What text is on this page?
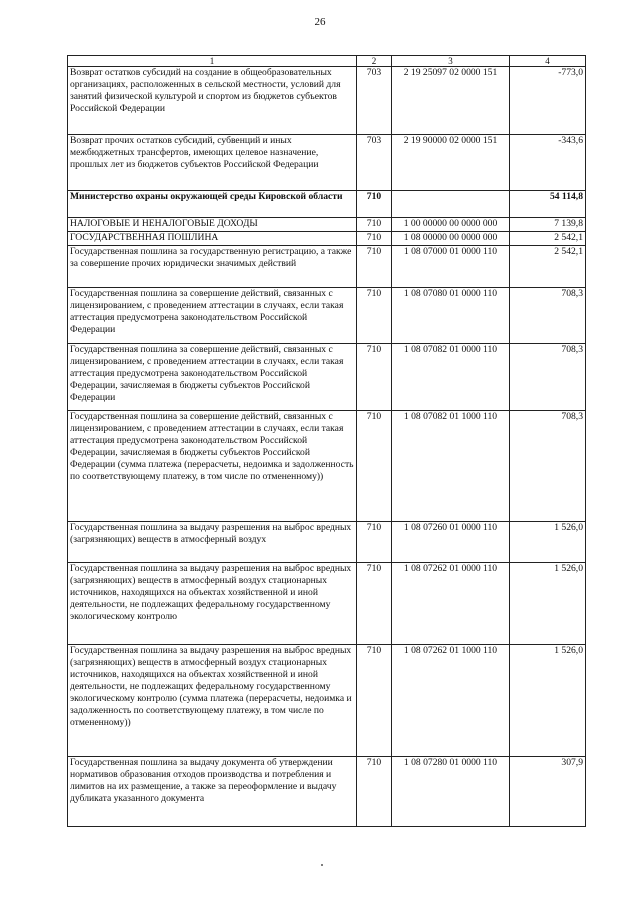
26
1	2	3	4
Возврат остатков субсидий на создание в общеобразовательных организациях, расположенных в сельской местности, условий для занятий физической культурой и спортом из бюджетов субъектов Российской Федерации	703	2 19 25097 02 0000 151	-773,0
Возврат прочих остатков субсидий, субвенций и иных межбюджетных трансфертов, имеющих целевое назначение, прошлых лет из бюджетов субъектов Российской Федерации	703	2 19 90000 02 0000 151	-343,6
Министерство охраны окружающей среды Кировской области	710		54 114,8
НАЛОГОВЫЕ И НЕНАЛОГОВЫЕ ДОХОДЫ	710	1 00 00000 00 0000 000	7 139,8
ГОСУДАРСТВЕННАЯ ПОШЛИНА	710	1 08 00000 00 0000 000	2 542,1
Государственная пошлина за государственную регистрацию, а также за совершение прочих юридически значимых действий	710	1 08 07000 01 0000 110	2 542,1
Государственная пошлина за совершение действий, связанных с лицензированием, с проведением аттестации в случаях, если такая аттестация предусмотрена законодательством Российской Федерации	710	1 08 07080 01 0000 110	708,3
Государственная пошлина за совершение действий, связанных с лицензированием, с проведением аттестации в случаях, если такая аттестация предусмотрена законодательством Российской Федерации, зачисляемая в бюджеты субъектов Российской Федерации	710	1 08 07082 01 0000 110	708,3
Государственная пошлина за совершение действий, связанных с лицензированием, с проведением аттестации в случаях, если такая аттестация предусмотрена законодательством Российской Федерации, зачисляемая в бюджеты субъектов Российской Федерации (сумма платежа (перерасчеты, недоимка и задолженность по соответствующему платежу, в том числе по отмененному))	710	1 08 07082 01 1000 110	708,3
Государственная пошлина за выдачу разрешения на выброс вредных (загрязняющих) веществ в атмосферный воздух	710	1 08 07260 01 0000 110	1 526,0
Государственная пошлина за выдачу разрешения на выброс вредных (загрязняющих) веществ в атмосферный воздух стационарных источников, находящихся на объектах хозяйственной и иной деятельности, не подлежащих федеральному государственному экологическому контролю	710	1 08 07262 01 0000 110	1 526,0
Государственная пошлина за выдачу разрешения на выброс вредных (загрязняющих) веществ в атмосферный воздух стационарных источников, находящихся на объектах хозяйственной и иной деятельности, не подлежащих федеральному государственному экологическому контролю (сумма платежа (перерасчеты, недоимка и задолженность по соответствующему платежу, в том числе по отмененному))	710	1 08 07262 01 1000 110	1 526,0
Государственная пошлина за выдачу документа об утверждении нормативов образования отходов производства и потребления и лимитов на их размещение, а также за переоформление и выдачу дубликата указанного документа	710	1 08 07280 01 0000 110	307,9
